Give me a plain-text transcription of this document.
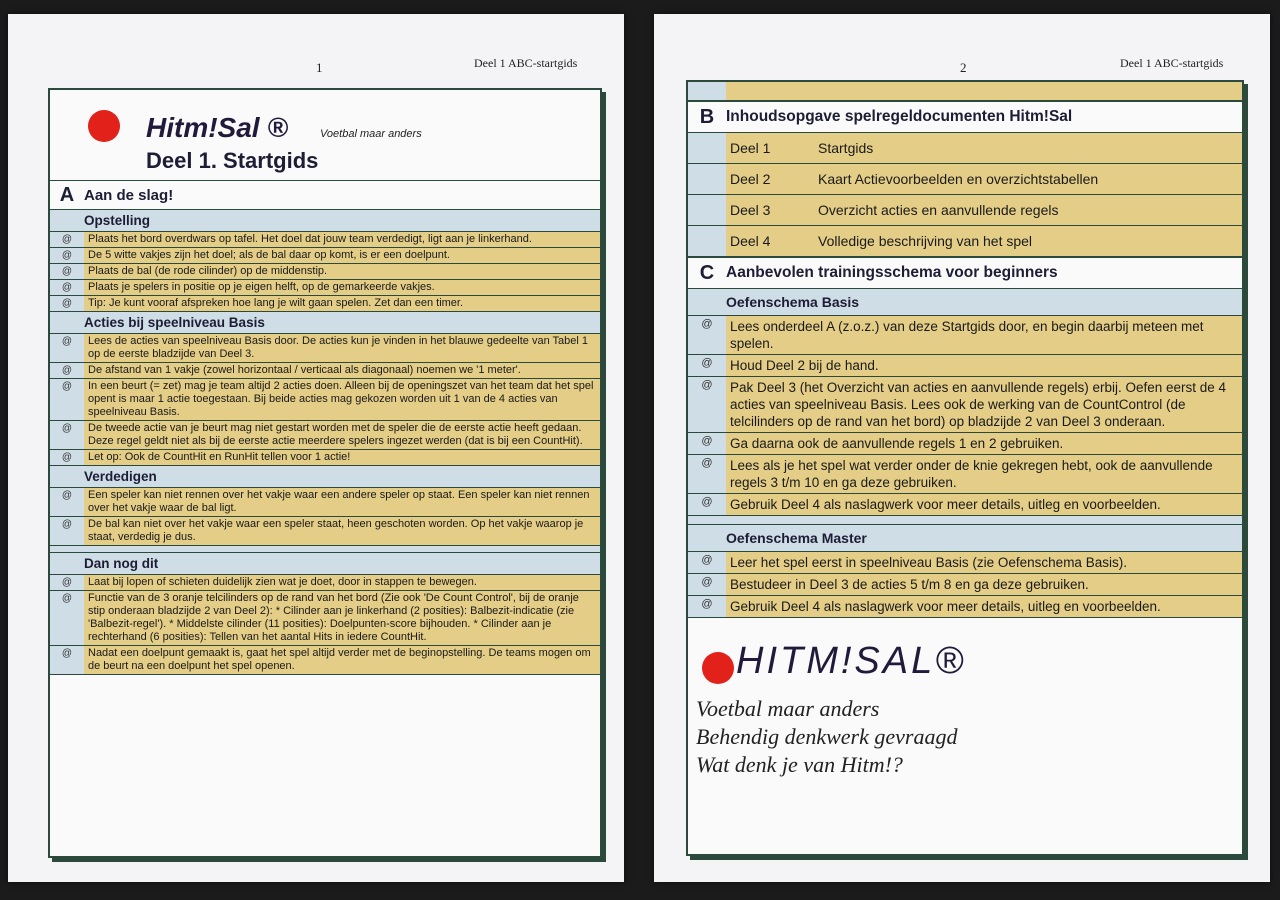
1	Deel 1 ABC-startgids
Hitm!Sal ®	Voetbal maar anders
Deel 1. Startgids
A Aan de slag!
Opstelling
@	Plaats het bord overdwars op tafel. Het doel dat jouw team verdedigt, ligt aan je linkerhand.
@	De 5 witte vakjes zijn het doel; als de bal daar op komt, is er een doelpunt.
@	Plaats de bal (de rode cilinder) op de middenstip.
@	Plaats je spelers in positie op je eigen helft, op de gemarkeerde vakjes.
@	Tip: Je kunt vooraf afspreken hoe lang je wilt gaan spelen. Zet dan een timer.
Acties bij speelniveau Basis
@	Lees de acties van speelniveau Basis door. De acties kun je vinden in het blauwe gedeelte van Tabel 1 op de eerste bladzijde van Deel 3.
@	De afstand van 1 vakje (zowel horizontaal / verticaal als diagonaal) noemen we '1 meter'.
@	In een beurt (= zet) mag je team altijd 2 acties doen. Alleen bij de openingszet van het team dat het spel opent is maar 1 actie toegestaan. Bij beide acties mag gekozen worden uit 1 van de 4 acties van speelniveau Basis.
@	De tweede actie van je beurt mag niet gestart worden met de speler die de eerste actie heeft gedaan. Deze regel geldt niet als bij de eerste actie meerdere spelers ingezet werden (dat is bij een CountHit).
@	Let op: Ook de CountHit en RunHit tellen voor 1 actie!
Verdedigen
@	Een speler kan niet rennen over het vakje waar een andere speler op staat. Een speler kan niet rennen over het vakje waar de bal ligt.
@	De bal kan niet over het vakje waar een speler staat, heen geschoten worden. Op het vakje waarop je staat, verdedig je dus.
Dan nog dit
@	Laat bij lopen of schieten duidelijk zien wat je doet, door in stappen te bewegen.
@	Functie van de 3 oranje telcilinders op de rand van het bord (Zie ook 'De Count Control', bij de oranje stip onderaan bladzijde 2 van Deel 2): * Cilinder aan je linkerhand (2 posities): Balbezit-indicatie (zie 'Balbezit-regel'). * Middelste cilinder (11 posities): Doelpunten-score bijhouden. * Cilinder aan je rechterhand (6 posities): Tellen van het aantal Hits in iedere CountHit.
@	Nadat een doelpunt gemaakt is, gaat het spel altijd verder met de beginopstelling. De teams mogen om de beurt na een doelpunt het spel openen.
2	Deel 1 ABC-startgids
B Inhoudsopgave spelregeldocumenten Hitm!Sal
Deel 1	Startgids
Deel 2	Kaart Actievoorbeelden en overzichtstabellen
Deel 3	Overzicht acties en aanvullende regels
Deel 4	Volledige beschrijving van het spel
C Aanbevolen trainingsschema voor beginners
Oefenschema Basis
@	Lees onderdeel A (z.o.z.) van deze Startgids door, en begin daarbij meteen met spelen.
@	Houd Deel 2 bij de hand.
@	Pak Deel 3 (het Overzicht van acties en aanvullende regels) erbij. Oefen eerst de 4 acties van speelniveau Basis. Lees ook de werking van de CountControl (de telcilinders op de rand van het bord) op bladzijde 2 van Deel 3 onderaan.
@	Ga daarna ook de aanvullende regels 1 en 2 gebruiken.
@	Lees als je het spel wat verder onder de knie gekregen hebt, ook de aanvullende regels 3 t/m 10 en ga deze gebruiken.
@	Gebruik Deel 4 als naslagwerk voor meer details, uitleg en voorbeelden.
Oefenschema Master
@	Leer het spel eerst in speelniveau Basis (zie Oefenschema Basis).
@	Bestudeer in Deel 3 de acties 5 t/m 8 en ga deze gebruiken.
@	Gebruik Deel 4 als naslagwerk voor meer details, uitleg en voorbeelden.
HITM!SAL®
Voetbal maar anders
Behendig denkwerk gevraagd
Wat denk je van Hitm!?
